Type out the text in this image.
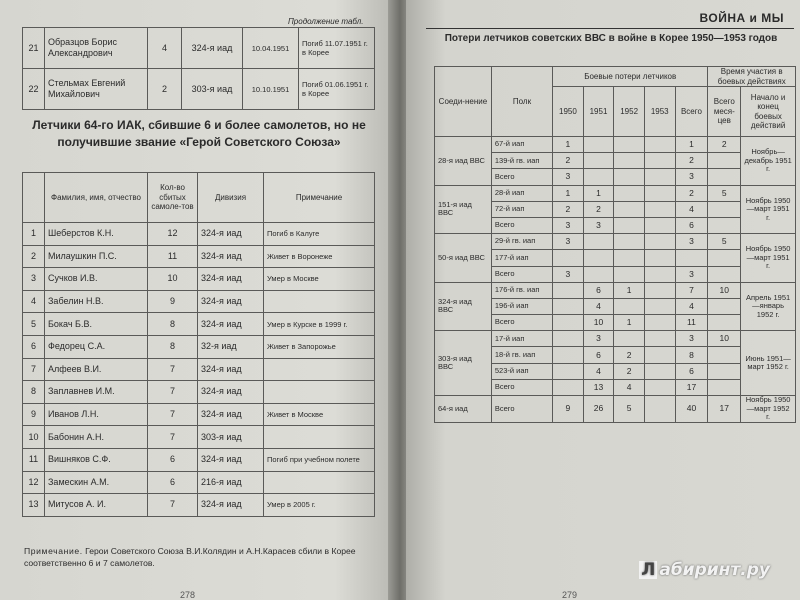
Продолжение табл.
21	Образцов Борис Александрович	4	324-я иад	10.04.1951	Погиб 11.07.1951 г. в Корее
22	Стельмах Евгений Михайлович	2	303-я иад	10.10.1951	Погиб 01.06.1951 г. в Корее
Летчики 64-го ИАК, сбившие 6 и более самолетов, но не получившие звание «Герой Советского Союза»
	Фамилия, имя, отчество	Кол-во сбитых самоле-тов	Дивизия	Примечание
1	Шеберстов К.Н.	12	324-я иад	Погиб в Калуге
2	Милаушкин П.С.	11	324-я иад	Живет в Воронеже
3	Сучков И.В.	10	324-я иад	Умер в Москве
4	Забелин Н.В.	9	324-я иад	
5	Бокач Б.В.	8	324-я иад	Умер в Курске в 1999 г.
6	Федорец С.А.	8	32-я иад	Живет в Запорожье
7	Алфеев В.И.	7	324-я иад	
8	Заплавнев И.М.	7	324-я иад	
9	Иванов Л.Н.	7	324-я иад	Живет в Москве
10	Бабонин А.Н.	7	303-я иад	
11	Вишняков С.Ф.	6	324-я иад	Погиб при учебном полете
12	Замескин А.М.	6	216-я иад	
13	Митусов А. И.	7	324-я иад	Умер в 2005 г.
Примечание. Герои Советского Союза В.И.Колядин и А.Н.Карасев сбили в Корее соответственно 6 и 7 самолетов.
278
ВОЙНА и МЫ
Потери летчиков советских ВВС в войне в Корее 1950—1953 годов
Соеди-нение	Полк	Боевые потери летчиков					Время участия в боевых действиях	
		1950	1951	1952	1953	Всего	Всего меся-цев	Начало и конец боевых действий
28-я иад ВВС	67-й иап	1				1	2	Ноябрь—декабрь 1951 г.
	139-й гв. иап	2				2		
	Всего	3				3		
151-я иад ВВС	28-й иап	1	1			2	5	Ноябрь 1950—март 1951 г.
	72-й иап	2	2			4		
	Всего	3	3			6		
50-я иад ВВС	29-й гв. иап	3				3	5	Ноябрь 1950—март 1951 г.
	177-й иап							
	Всего	3				3		
324-я иад ВВС	176-й гв. иап		6	1		7	10	Апрель 1951—январь 1952 г.
	196-й иап		4			4		
	Всего		10	1		11		
303-я иад ВВС	17-й иап		3			3	10	Июнь 1951—март 1952 г.
	18-й гв. иап		6	2		8		
	523-й иап		4	2		6		
	Всего		13	4		17		
64-я иад	Всего	9	26	5		40	17	Ноябрь 1950—март 1952 г.
279
Л абиринт.ру
